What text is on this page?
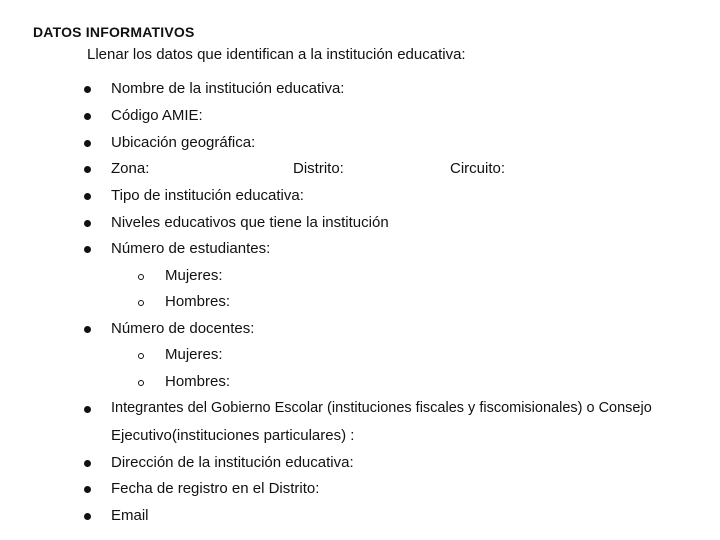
DATOS INFORMATIVOS
Llenar los datos que identifican a la institución educativa:
Nombre de la institución educativa:
Código AMIE:
Ubicación geográfica:
Zona:	Distrito:	Circuito:
Tipo de institución educativa:
Niveles educativos que tiene la institución
Número de estudiantes:
Mujeres:
Hombres:
Número de docentes:
Mujeres:
Hombres:
Integrantes del Gobierno Escolar (instituciones fiscales y fiscomisionales) o Consejo
Ejecutivo(instituciones particulares) :
Dirección de la institución educativa:
Fecha de registro en el Distrito:
Email
